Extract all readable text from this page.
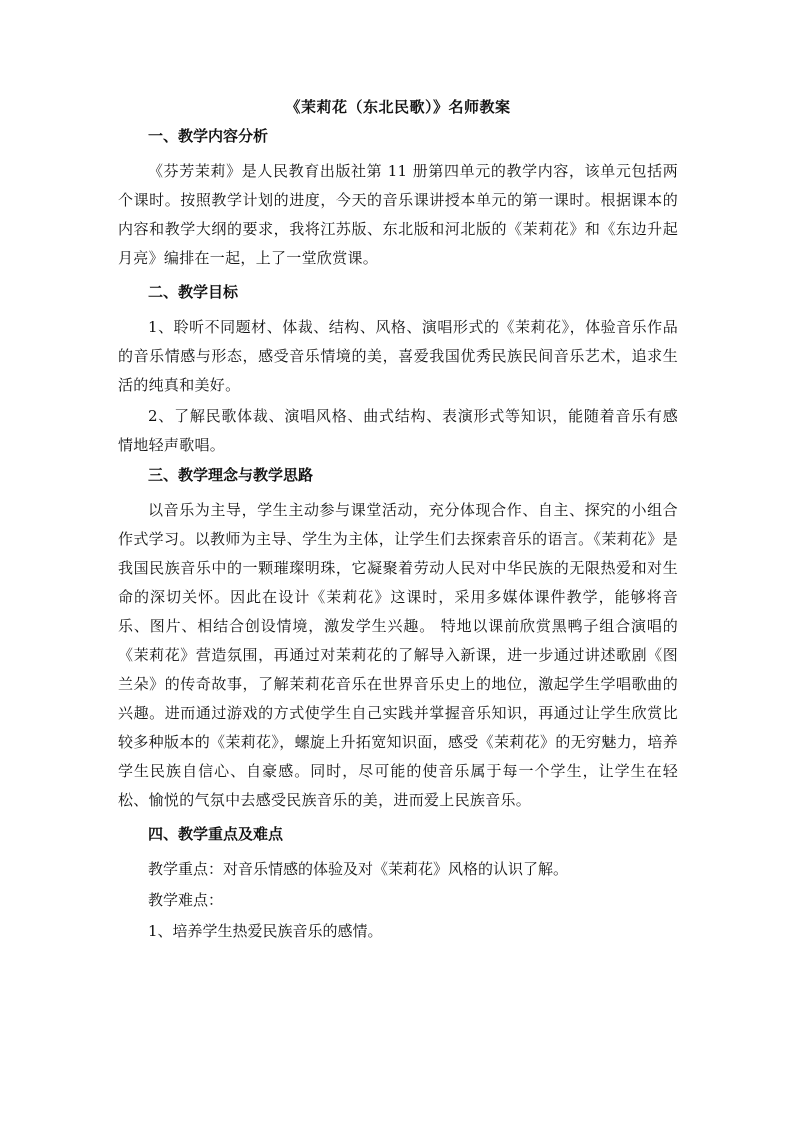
《茉莉花（东北民歌）》名师教案
一、教学内容分析

《芬芳茉莉》是人民教育出版社第 11 册第四单元的教学内容，该单元包括两个课时。按照教学计划的进度，今天的音乐课讲授本单元的第一课时。根据课本的内容和教学大纲的要求，我将江苏版、东北版和河北版的《茉莉花》和《东边升起月亮》编排在一起，上了一堂欣赏课。

二、教学目标

1、聆听不同题材、体裁、结构、风格、演唱形式的《茉莉花》，体验音乐作品的音乐情感与形态，感受音乐情境的美，喜爱我国优秀民族民间音乐艺术，追求生活的纯真和美好。

2、了解民歌体裁、演唱风格、曲式结构、表演形式等知识，能随着音乐有感情地轻声歌唱。

三、教学理念与教学思路

以音乐为主导，学生主动参与课堂活动，充分体现合作、自主、探究的小组合作式学习。以教师为主导、学生为主体，让学生们去探索音乐的语言。《茉莉花》是我国民族音乐中的一颗璀璨明珠，它凝聚着劳动人民对中华民族的无限热爱和对生命的深切关怀。因此在设计《茉莉花》这课时，采用多媒体课件教学，能够将音乐、图片、相结合创设情境，激发学生兴趣。 特地以课前欣赏黑鸭子组合演唱的《茉莉花》营造氛围，再通过对茉莉花的了解导入新课，进一步通过讲述歌剧《图兰朵》的传奇故事，了解茉莉花音乐在世界音乐史上的地位，激起学生学唱歌曲的兴趣。进而通过游戏的方式使学生自己实践并掌握音乐知识，再通过让学生欣赏比较多种版本的《茉莉花》，螺旋上升拓宽知识面，感受《茉莉花》的无穷魅力，培养学生民族自信心、自豪感。同时，尽可能的使音乐属于每一个学生，让学生在轻松、愉悦的气氛中去感受民族音乐的美，进而爱上民族音乐。

四、教学重点及难点

教学重点：对音乐情感的体验及对《茉莉花》风格的认识了解。

教学难点：

1、培养学生热爱民族音乐的感情。
